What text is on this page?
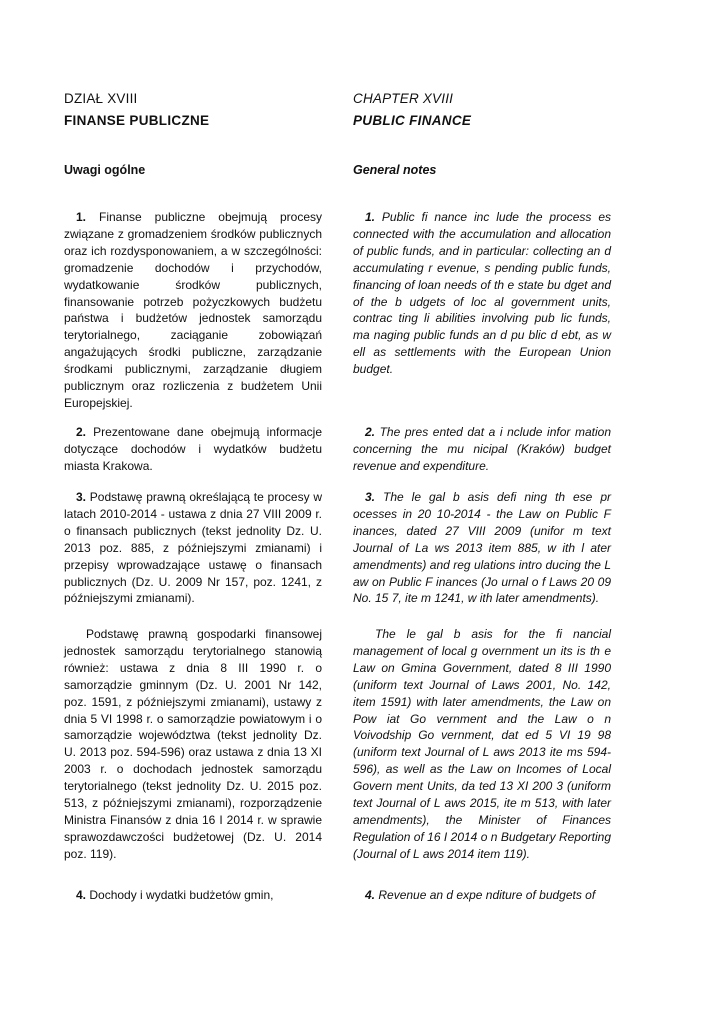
DZIAŁ XVIII

FINANSE PUBLICZNE

Uwagi ogólne

1. Finanse publiczne obejmują procesy związane z gromadzeniem środków publicznych oraz ich rozdysponowaniem, a w szczególności: gromadzenie dochodów i przychodów, wydatkowanie środków publicznych, finansowanie potrzeb pożyczkowych budżetu państwa i budżetów jednostek samorządu terytorialnego, zaciąganie zobowiązań angażujących środki publiczne, zarządzanie środkami publicznymi, zarządzanie długiem publicznym oraz rozliczenia z budżetem Unii Europejskiej.

2. Prezentowane dane obejmują informacje dotyczące dochodów i wydatków budżetu miasta Krakowa.

3. Podstawę prawną określającą te procesy w latach 2010-2014 - ustawa z dnia 27 VIII 2009 r. o finansach publicznych (tekst jednolity Dz. U. 2013 poz. 885, z późniejszymi zmianami) i przepisy wprowadzające ustawę o finansach publicznych (Dz. U. 2009 Nr 157, poz. 1241, z późniejszymi zmianami).

Podstawę prawną gospodarki finansowej jednostek samorządu terytorialnego stanowią również: ustawa z dnia 8 III 1990 r. o samorządzie gminnym (Dz. U. 2001 Nr 142, poz. 1591, z późniejszymi zmianami), ustawy z dnia 5 VI 1998 r. o samorządzie powiatowym i o samorządzie województwa (tekst jednolity Dz. U. 2013 poz. 594-596) oraz ustawa z dnia 13 XI 2003 r. o dochodach jednostek samorządu terytorialnego (tekst jednolity Dz. U. 2015 poz. 513, z późniejszymi zmianami), rozporządzenie Ministra Finansów z dnia 16 I 2014 r. w sprawie sprawozdawczości budżetowej (Dz. U. 2014 poz. 119).

4. Dochody i wydatki budżetów gmin,

CHAPTER XVIII

PUBLIC FINANCE

General notes

1. Public fi nance inc lude the process es connected with the accumulation and allocation of public funds, and in particular: collecting an d accumulating r evenue, s pending public funds, financing of loan needs of th e state bu dget and of the b udgets of loc al government units, contrac ting li abilities involving pub lic funds, ma naging public funds an d pu blic d ebt, as w ell as settlements with the European Union budget.

2. The pres ented dat a i nclude infor mation concerning the mu nicipal (Kraków) budget revenue and expenditure.

3. The le gal b asis defi ning th ese pr ocesses in 20 10-2014 - the Law on Public F inances, dated 27 VIII 2009 (unifor m text Journal of La ws 2013 item 885, w ith l ater amendments) and reg ulations intro ducing the L aw on Public F inances (Jo urnal o f Laws 20 09 No. 15 7, ite m 1241, w ith later amendments).

The le gal b asis for the fi nancial management of local g overnment un its is th e Law on Gmina Government, dated 8 III 1990 (uniform text Journal of Laws 2001, No. 142, item 1591) with later amendments, the Law on Pow iat Go vernment and the Law o n Voivodship Go vernment, dat ed 5 VI 19 98 (uniform text Journal of L aws 2013 ite ms 594-596), as well as the Law on Incomes of Local Govern ment Units, da ted 13 XI 200 3 (uniform text Journal of L aws 2015, ite m 513, with later amendments), the Minister of Finances Regulation of 16 I 2014 o n Budgetary Reporting (Journal of L aws 2014 item 119).

4. Revenue an d expe nditure of budgets of
